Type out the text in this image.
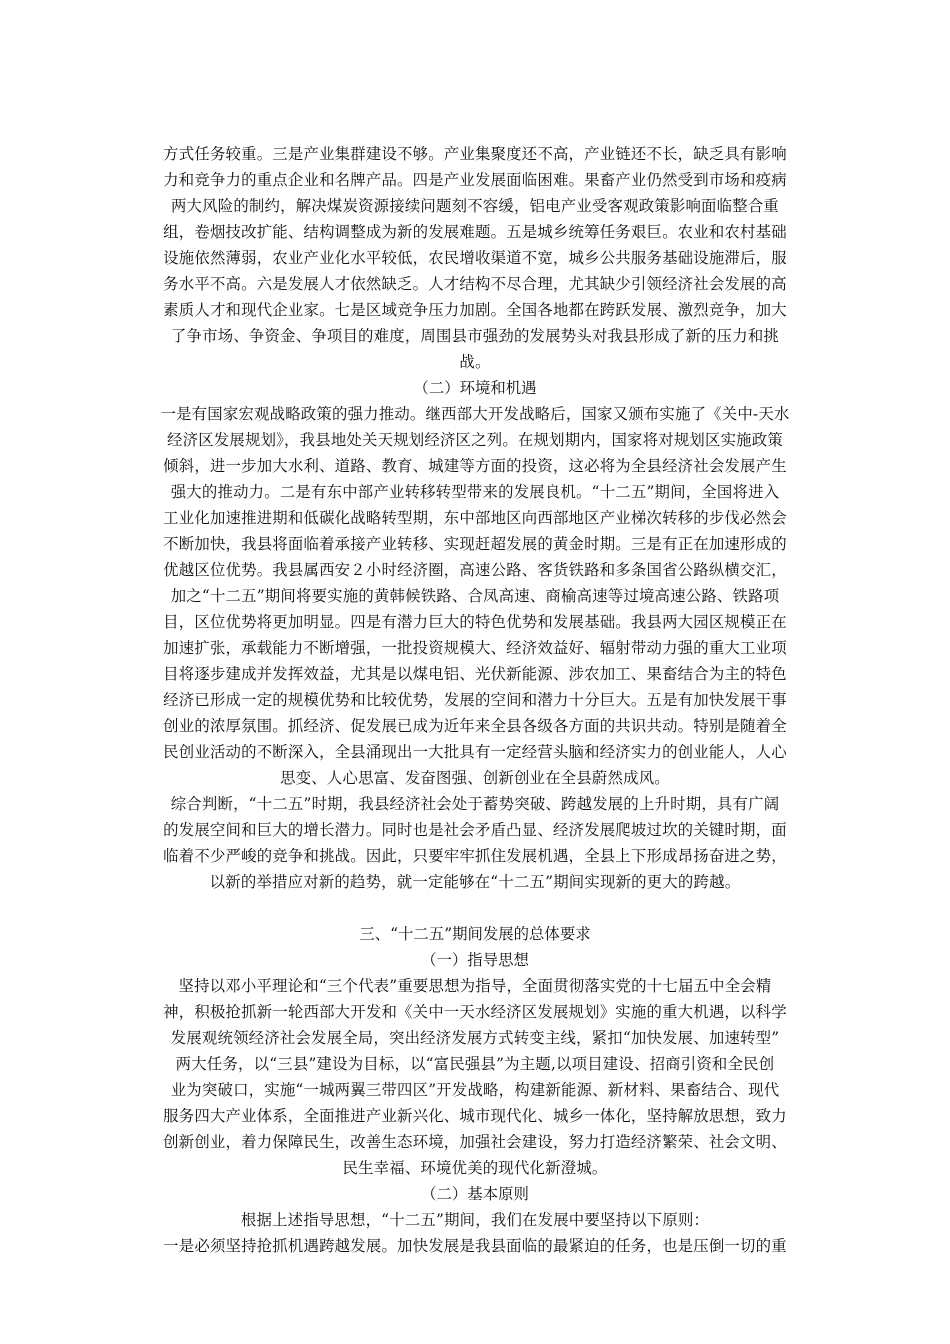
方式任务较重。三是产业集群建设不够。产业集聚度还不高，产业链还不长，缺乏具有影响
力和竞争力的重点企业和名牌产品。四是产业发展面临困难。果畜产业仍然受到市场和疫病
两大风险的制约，解决煤炭资源接续问题刻不容缓，铝电产业受客观政策影响面临整合重
组，卷烟技改扩能、结构调整成为新的发展难题。五是城乡统筹任务艰巨。农业和农村基础
设施依然薄弱，农业产业化水平较低，农民增收渠道不宽，城乡公共服务基础设施滞后，服
务水平不高。六是发展人才依然缺乏。人才结构不尽合理，尤其缺少引领经济社会发展的高
素质人才和现代企业家。七是区域竞争压力加剧。全国各地都在跨跃发展、激烈竞争，加大
了争市场、争资金、争项目的难度，周围县市强劲的发展势头对我县形成了新的压力和挑
战。
（二）环境和机遇
一是有国家宏观战略政策的强力推动。继西部大开发战略后，国家又颁布实施了《关中-天水
经济区发展规划》，我县地处关天规划经济区之列。在规划期内，国家将对规划区实施政策
倾斜，进一步加大水利、道路、教育、城建等方面的投资，这必将为全县经济社会发展产生
强大的推动力。二是有东中部产业转移转型带来的发展良机。“十二五”期间，全国将进入
工业化加速推进期和低碳化战略转型期，东中部地区向西部地区产业梯次转移的步伐必然会
不断加快，我县将面临着承接产业转移、实现赶超发展的黄金时期。三是有正在加速形成的
优越区位优势。我县属西安２小时经济圈，高速公路、客货铁路和多条国省公路纵横交汇，
加之“十二五”期间将要实施的黄韩候铁路、合凤高速、商榆高速等过境高速公路、铁路项
目，区位优势将更加明显。四是有潜力巨大的特色优势和发展基础。我县两大园区规模正在
加速扩张，承载能力不断增强，一批投资规模大、经济效益好、辐射带动力强的重大工业项
目将逐步建成并发挥效益，尤其是以煤电铝、光伏新能源、涉农加工、果畜结合为主的特色
经济已形成一定的规模优势和比较优势，发展的空间和潜力十分巨大。五是有加快发展干事
创业的浓厚氛围。抓经济、促发展已成为近年来全县各级各方面的共识共动。特别是随着全
民创业活动的不断深入，全县涌现出一大批具有一定经营头脑和经济实力的创业能人，人心
思变、人心思富、发奋图强、创新创业在全县蔚然成风。
综合判断，“十二五”时期，我县经济社会处于蓄势突破、跨越发展的上升时期，具有广阔
的发展空间和巨大的增长潜力。同时也是社会矛盾凸显、经济发展爬坡过坎的关键时期，面
临着不少严峻的竞争和挑战。因此，只要牢牢抓住发展机遇，全县上下形成昂扬奋进之势，
以新的举措应对新的趋势，就一定能够在“十二五”期间实现新的更大的跨越。
三、“十二五”期间发展的总体要求
（一）指导思想
坚持以邓小平理论和“三个代表”重要思想为指导，全面贯彻落实党的十七届五中全会精
神，积极抢抓新一轮西部大开发和《关中一天水经济区发展规划》实施的重大机遇，以科学
发展观统领经济社会发展全局，突出经济发展方式转变主线，紧扣“加快发展、加速转型”
两大任务，以“三县”建设为目标，以“富民强县”为主题,以项目建设、招商引资和全民创
业为突破口，实施“一城两翼三带四区”开发战略，构建新能源、新材料、果畜结合、现代
服务四大产业体系，全面推进产业新兴化、城市现代化、城乡一体化，坚持解放思想，致力
创新创业，着力保障民生，改善生态环境，加强社会建设，努力打造经济繁荣、社会文明、
民生幸福、环境优美的现代化新澄城。
（二）基本原则
根据上述指导思想，“十二五”期间，我们在发展中要坚持以下原则：
一是必须坚持抢抓机遇跨越发展。加快发展是我县面临的最紧迫的任务，也是压倒一切的重
